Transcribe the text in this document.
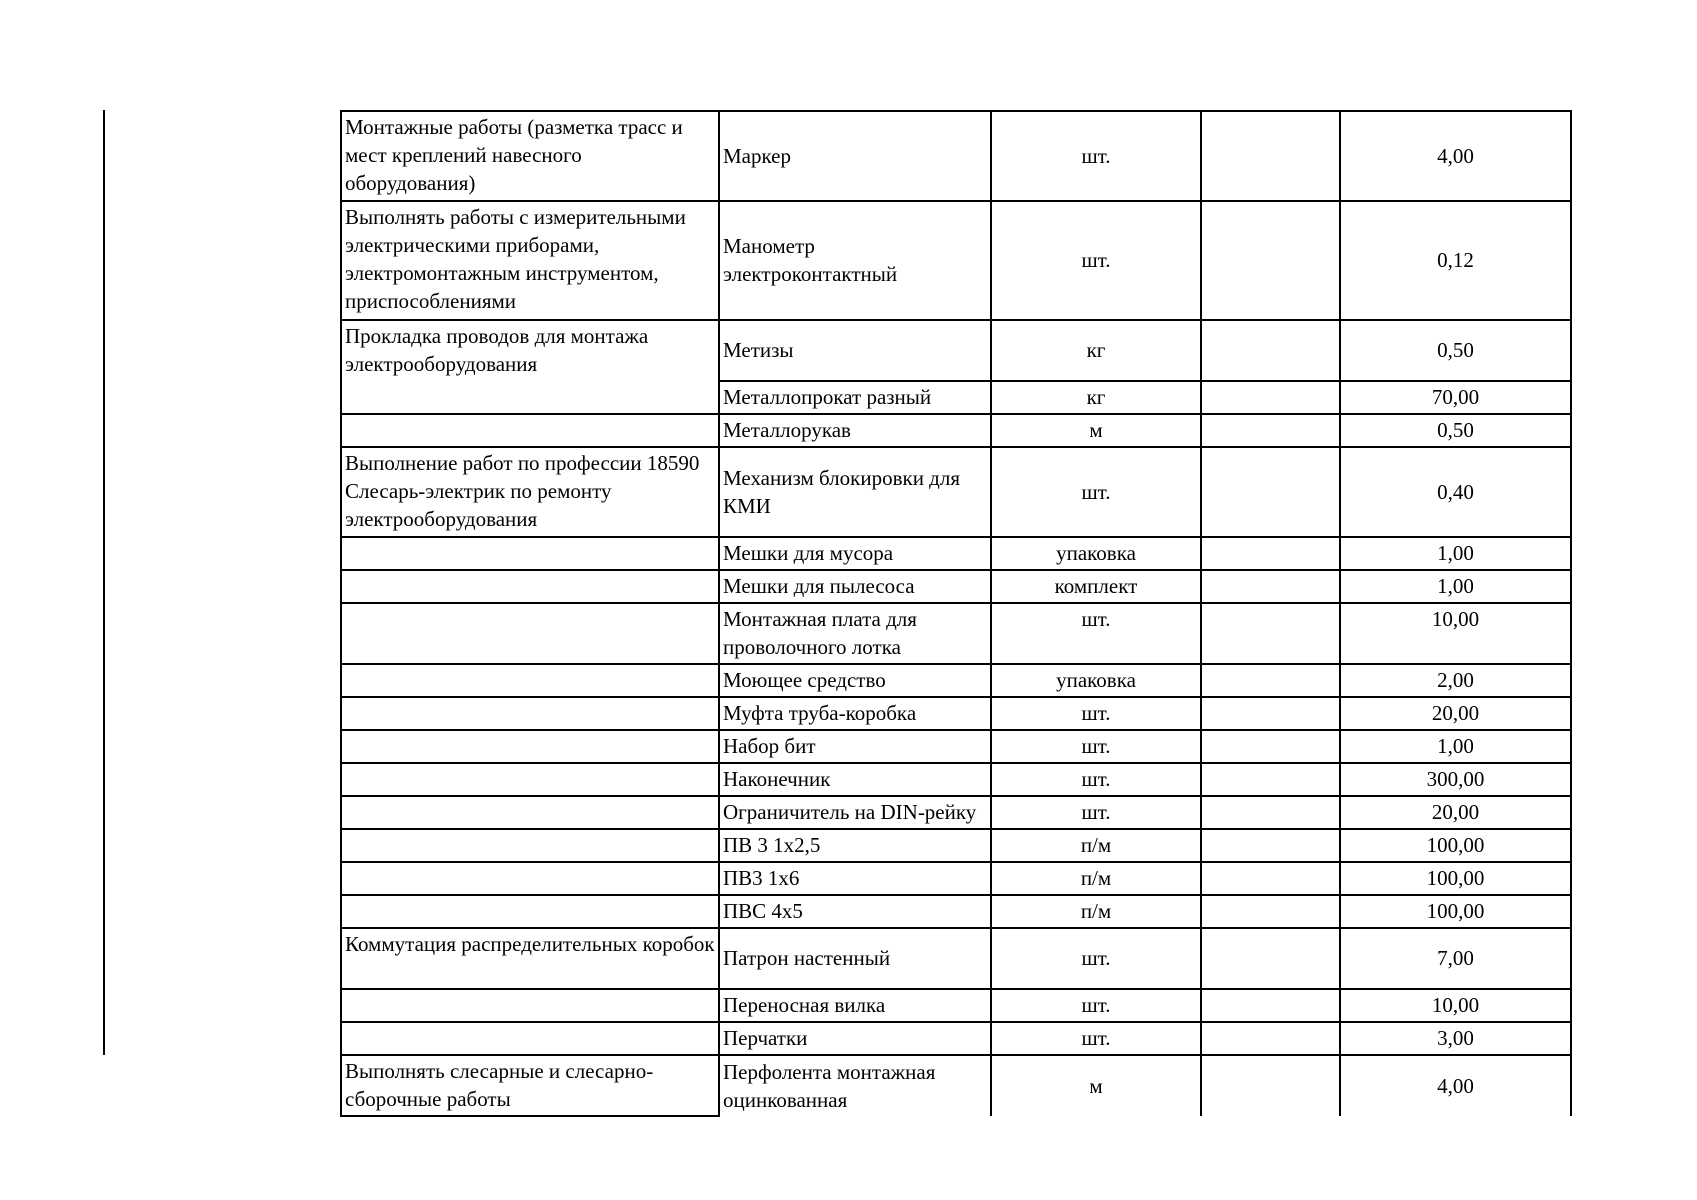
Монтажные работы (разметка трасс и мест креплений навесного оборудования)	Маркер	шт.		4,00
Выполнять работы с измерительными электрическими приборами, электромонтажным инструментом, приспособлениями	Манометр электроконтактный	шт.		0,12
Прокладка проводов для монтажа электрооборудования	Метизы	кг		0,50
	Металлопрокат разный	кг		70,00
	Металлорукав	м		0,50
Выполнение работ по профессии 18590 Слесарь-электрик по ремонту электрооборудования	Механизм блокировки для КМИ	шт.		0,40
	Мешки для мусора	упаковка		1,00
	Мешки для пылесоса	комплект		1,00
	Монтажная плата для проволочного лотка	шт.		10,00
	Моющее средство	упаковка		2,00
	Муфта труба-коробка	шт.		20,00
	Набор бит	шт.		1,00
	Наконечник	шт.		300,00
	Ограничитель на DIN-рейку	шт.		20,00
	ПВ 3 1х2,5	п/м		100,00
	ПВ3 1х6	п/м		100,00
	ПВС 4х5	п/м		100,00
Коммутация распределительных коробок	Патрон настенный	шт.		7,00
	Переносная вилка	шт.		10,00
	Перчатки	шт.		3,00
Выполнять слесарные и слесарно-сборочные работы	Перфолента монтажная оцинкованная	м		4,00
